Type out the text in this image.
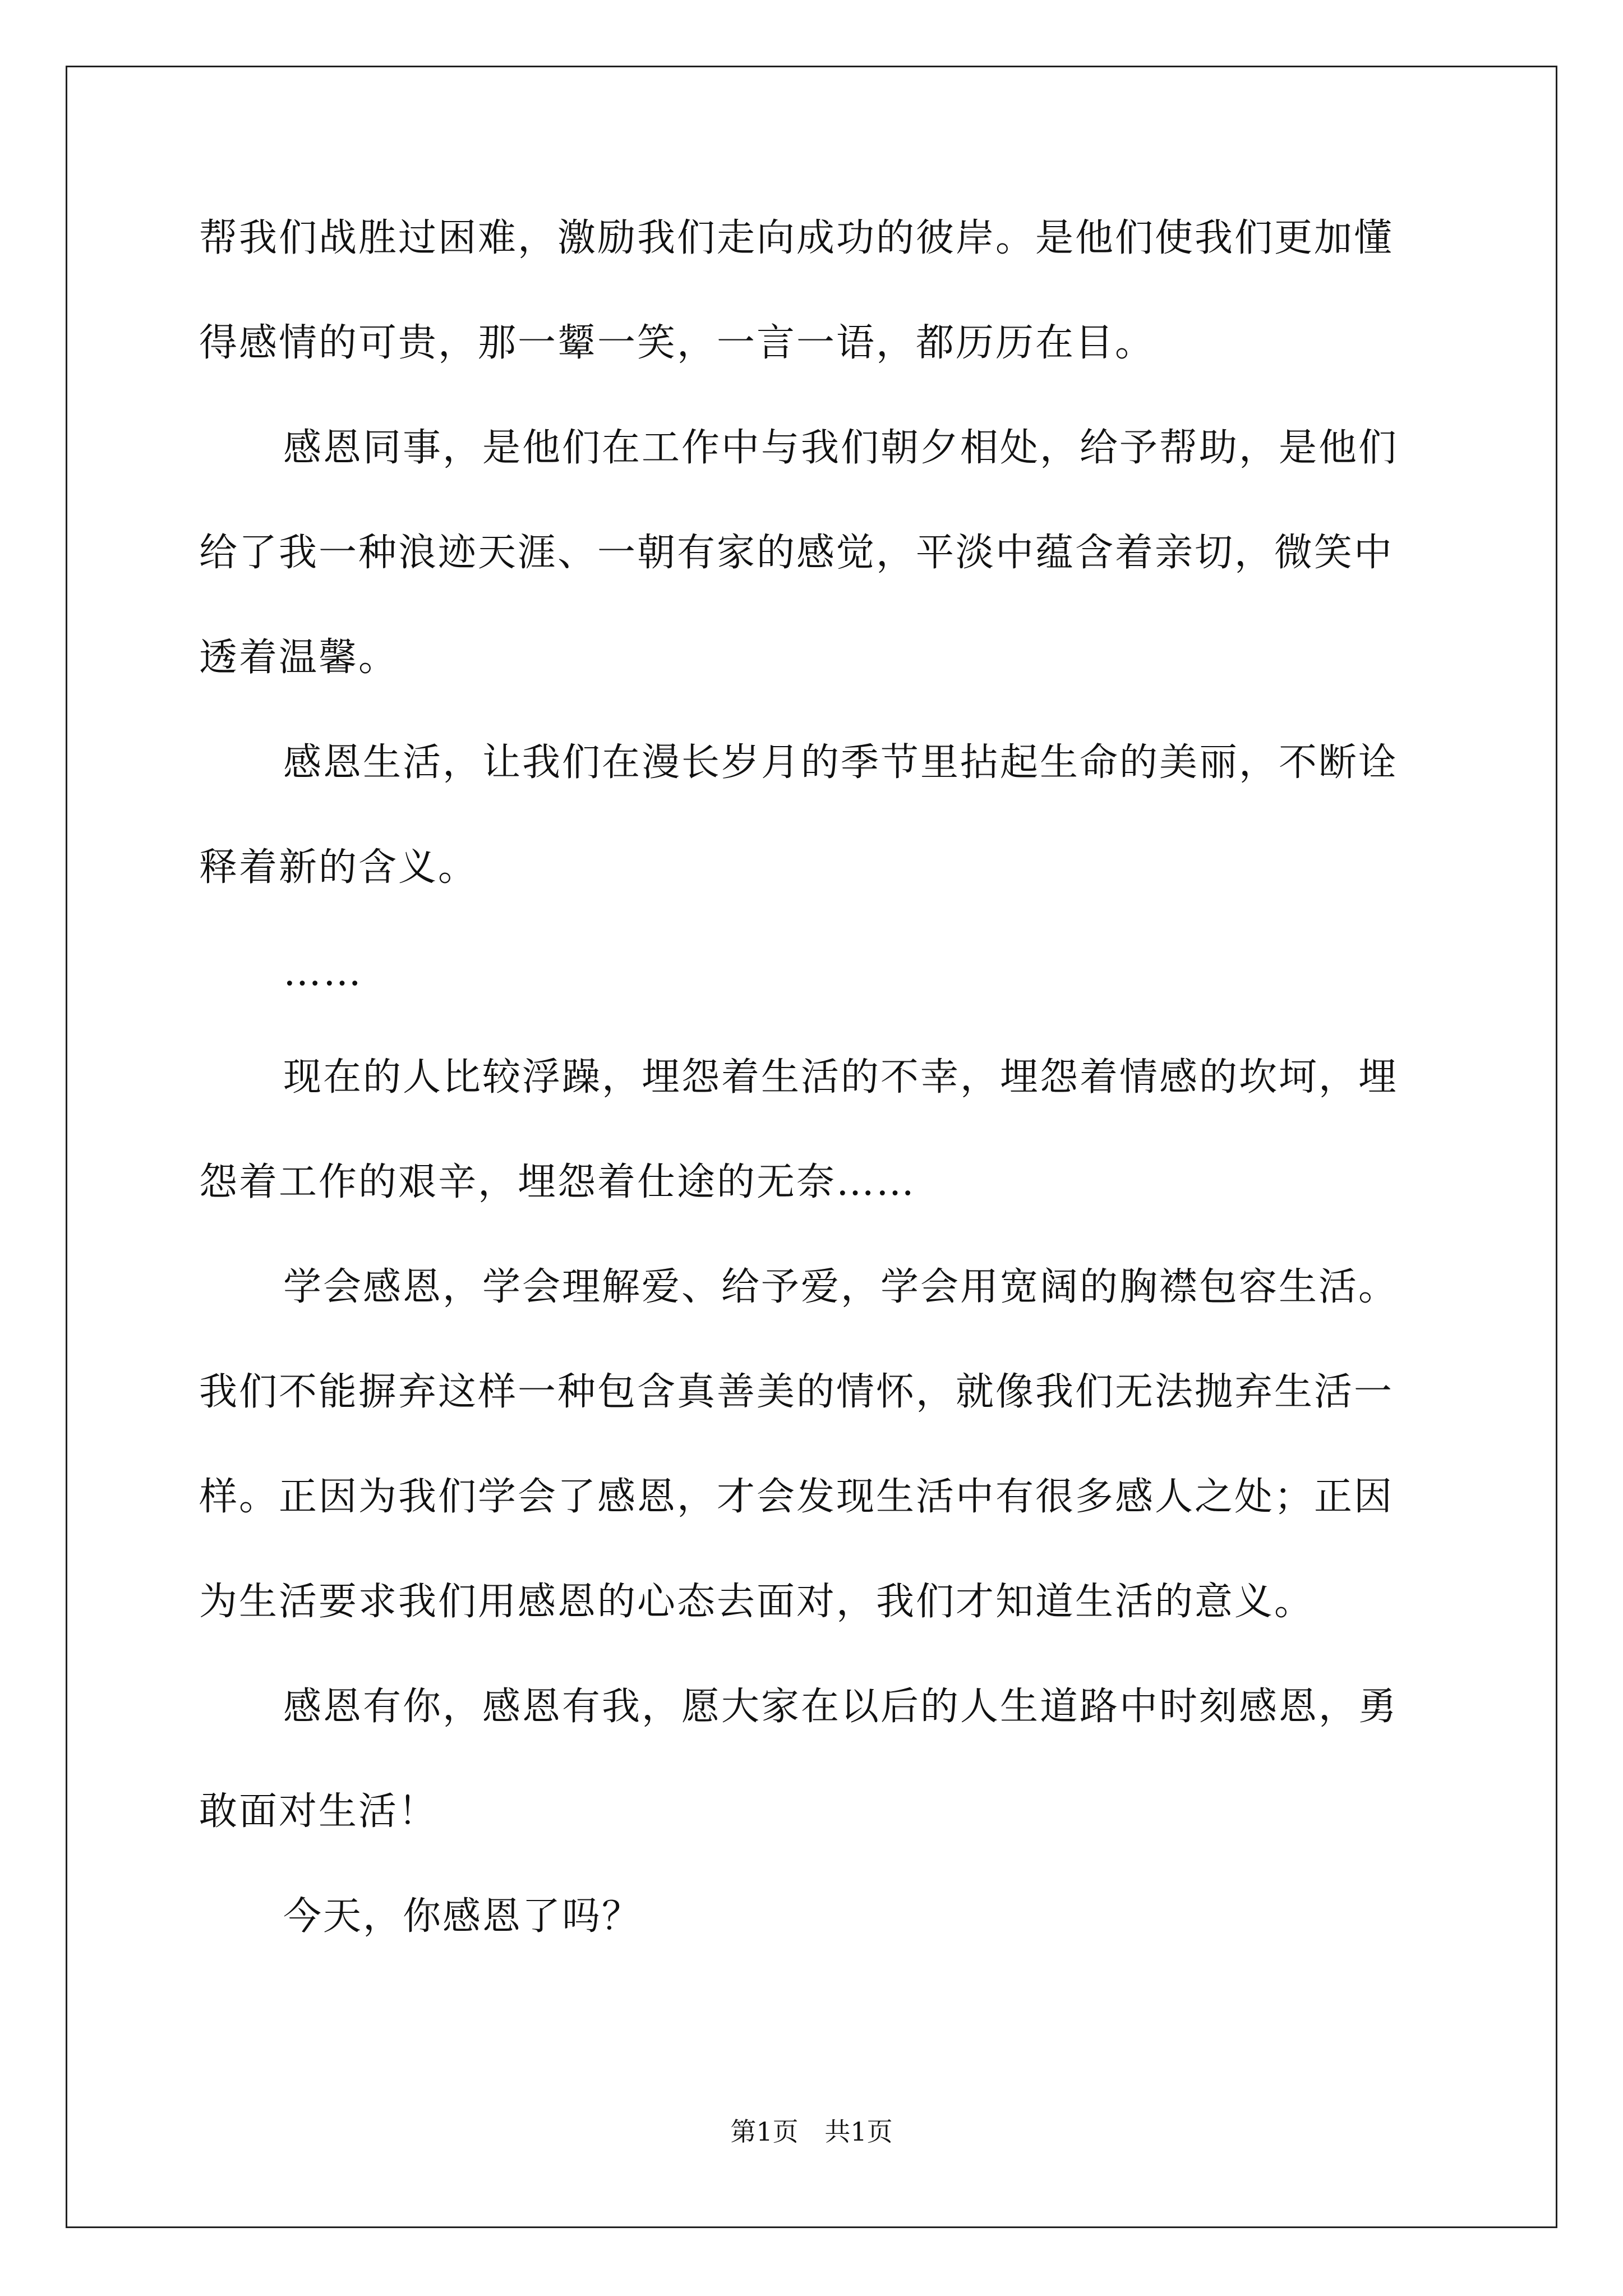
帮我们战胜过困难，激励我们走向成功的彼岸。是他们使我们更加懂
得感情的可贵，那一颦一笑，一言一语，都历历在目。
感恩同事，是他们在工作中与我们朝夕相处，给予帮助，是他们
给了我一种浪迹天涯、一朝有家的感觉，平淡中蕴含着亲切，微笑中
透着温馨。
感恩生活，让我们在漫长岁月的季节里拈起生命的美丽，不断诠
释着新的含义。
……
现在的人比较浮躁，埋怨着生活的不幸，埋怨着情感的坎坷，埋
怨着工作的艰辛，埋怨着仕途的无奈……
学会感恩，学会理解爱、给予爱，学会用宽阔的胸襟包容生活。
我们不能摒弃这样一种包含真善美的情怀，就像我们无法抛弃生活一
样。正因为我们学会了感恩，才会发现生活中有很多感人之处；正因
为生活要求我们用感恩的心态去面对，我们才知道生活的意义。
感恩有你，感恩有我，愿大家在以后的人生道路中时刻感恩，勇
敢面对生活！
今天，你感恩了吗？
第1页 共1页
